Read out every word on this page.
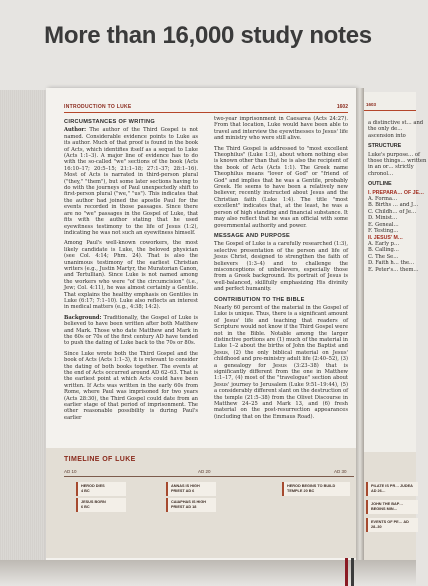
More than 16,000 study notes
1603

a distinctive st… and the only de… ascension into

STRUCTURE

Luke's purpose… of those things… written in an or… strictly chronol…

OUTLINE
I. PREPARA… OF JE…
A. Forma…
B. Births … and J…
C. Childh… of Je…
D. Minist…
E. Geneal…
F. Testing…
II. JESUS' M…
A. Early p…
B. Calling…
C. The Se…
D. Faith h… the…
E. Peter's… them…
PILATE IS PR… JUDEA AD 26…
JOHN THE BAP… BEGINS MIN…
EVENTS OF PE… AD 28–30
INTRODUCTION TO LUKE	1602
CIRCUMSTANCES OF WRITING

Author: The author of the Third Gospel is not named. Considerable evidence points to Luke as its author. Much of that proof is found in the book of Acts, which identifies itself as a sequel to Luke (Acts 1:1–3). A major line of evidence has to do with the so-called "we" sections of the book (Acts 16:10–17; 20:5–15; 21:1–18; 27:1–37; 28:1–16). Most of Acts is narrated in third-person plural ("they," "them"), but some later sections having to do with the journeys of Paul unexpectedly shift to first-person plural ("we," "us"). This indicates that the author had joined the apostle Paul for the events recorded in those passages. Since there are no "we" passages in the Gospel of Luke, that fits with the author stating that he used eyewitness testimony to the life of Jesus (1:2), indicating he was not such an eyewitness himself.

Among Paul's well-known coworkers, the most likely candidate is Luke, the beloved physician (see Col. 4:14; Phm. 24). That is also the unanimous testimony of the earliest Christian writers (e.g., Justin Martyr, the Muratorian Canon, and Tertullian). Since Luke is not named among the workers who were "of the circumcision" (i.e., Jew; Col. 4:11), he was almost certainly a Gentile. That explains the healthy emphasis on Gentiles in Luke (6:17; 7:1–10). Luke also reflects an interest in medical matters (e.g., 4:38; 14:2).

Background: Traditionally, the Gospel of Luke is believed to have been written after both Matthew and Mark. Those who date Matthew and Mark in the 60s or 70s of the first century AD have tended to push the dating of Luke back to the 70s or 80s.

Since Luke wrote both the Third Gospel and the book of Acts (Acts 1:1–3), it is relevant to consider the dating of both books together. The events at the end of Acts occurred around AD 62–63. That is the earliest point at which Acts could have been written. If Acts was written in the early 60s from Rome, where Paul was imprisoned for two years (Acts 28:30), the Third Gospel could date from an earlier stage of that period of imprisonment. The other reasonable possibility is during Paul's earlier

two-year imprisonment in Caesarea (Acts 24:27). From that location, Luke would have been able to travel and interview the eyewitnesses to Jesus' life and ministry who were still alive.

The Third Gospel is addressed to "most excellent Theophilus" (Luke 1:3), about whom nothing else is known other than that he is also the recipient of the book of Acts (Acts 1:1). The Greek name Theophilus means "lover of God" or "friend of God" and implies that he was a Gentile, probably Greek. He seems to have been a relatively new believer, recently instructed about Jesus and the Christian faith (Luke 1:4). The title "most excellent" indicates that, at the least, he was a person of high standing and financial substance. It may also reflect that he was an official with some governmental authority and power.

MESSAGE AND PURPOSE

The Gospel of Luke is a carefully researched (1:3), selective presentation of the person and life of Jesus Christ, designed to strengthen the faith of believers (1:3–4) and to challenge the misconceptions of unbelievers, especially those from a Greek background. Its portrait of Jesus is well-balanced, skillfully emphasizing His divinity and perfect humanity.

CONTRIBUTION TO THE BIBLE

Nearly 60 percent of the material in the Gospel of Luke is unique. Thus, there is a significant amount of Jesus' life and teaching that readers of Scripture would not know if the Third Gospel were not in the Bible. Notable among the larger distinctive portions are (1) much of the material in Luke 1–2 about the births of John the Baptist and Jesus, (2) the only biblical material on Jesus' childhood and pre-ministry adult life (2:40–52), (3) a genealogy for Jesus (3:23–38) that is significantly different from the one in Matthew 1:1–17, (4) most of the "travelogue" section about Jesus' journey to Jerusalem (Luke 9:51–19:44), (5) a considerably different slant on the destruction of the temple (21:5–38) from the Olivet Discourse in Matthew 24–25 and Mark 13, and (6) fresh material on the post-resurrection appearances (including that on the Emmaus Road).

TIMELINE OF LUKE
AD 10	AD 20	AD 30
HEROD DIES
4 BC
JESUS BORN
6 BC
ANNAS IS HIGH
PRIEST AD 6
CAIAPHAS IS HIGH
PRIEST AD 18
HEROD BEGINS TO BUILD
TEMPLE 20 BC
